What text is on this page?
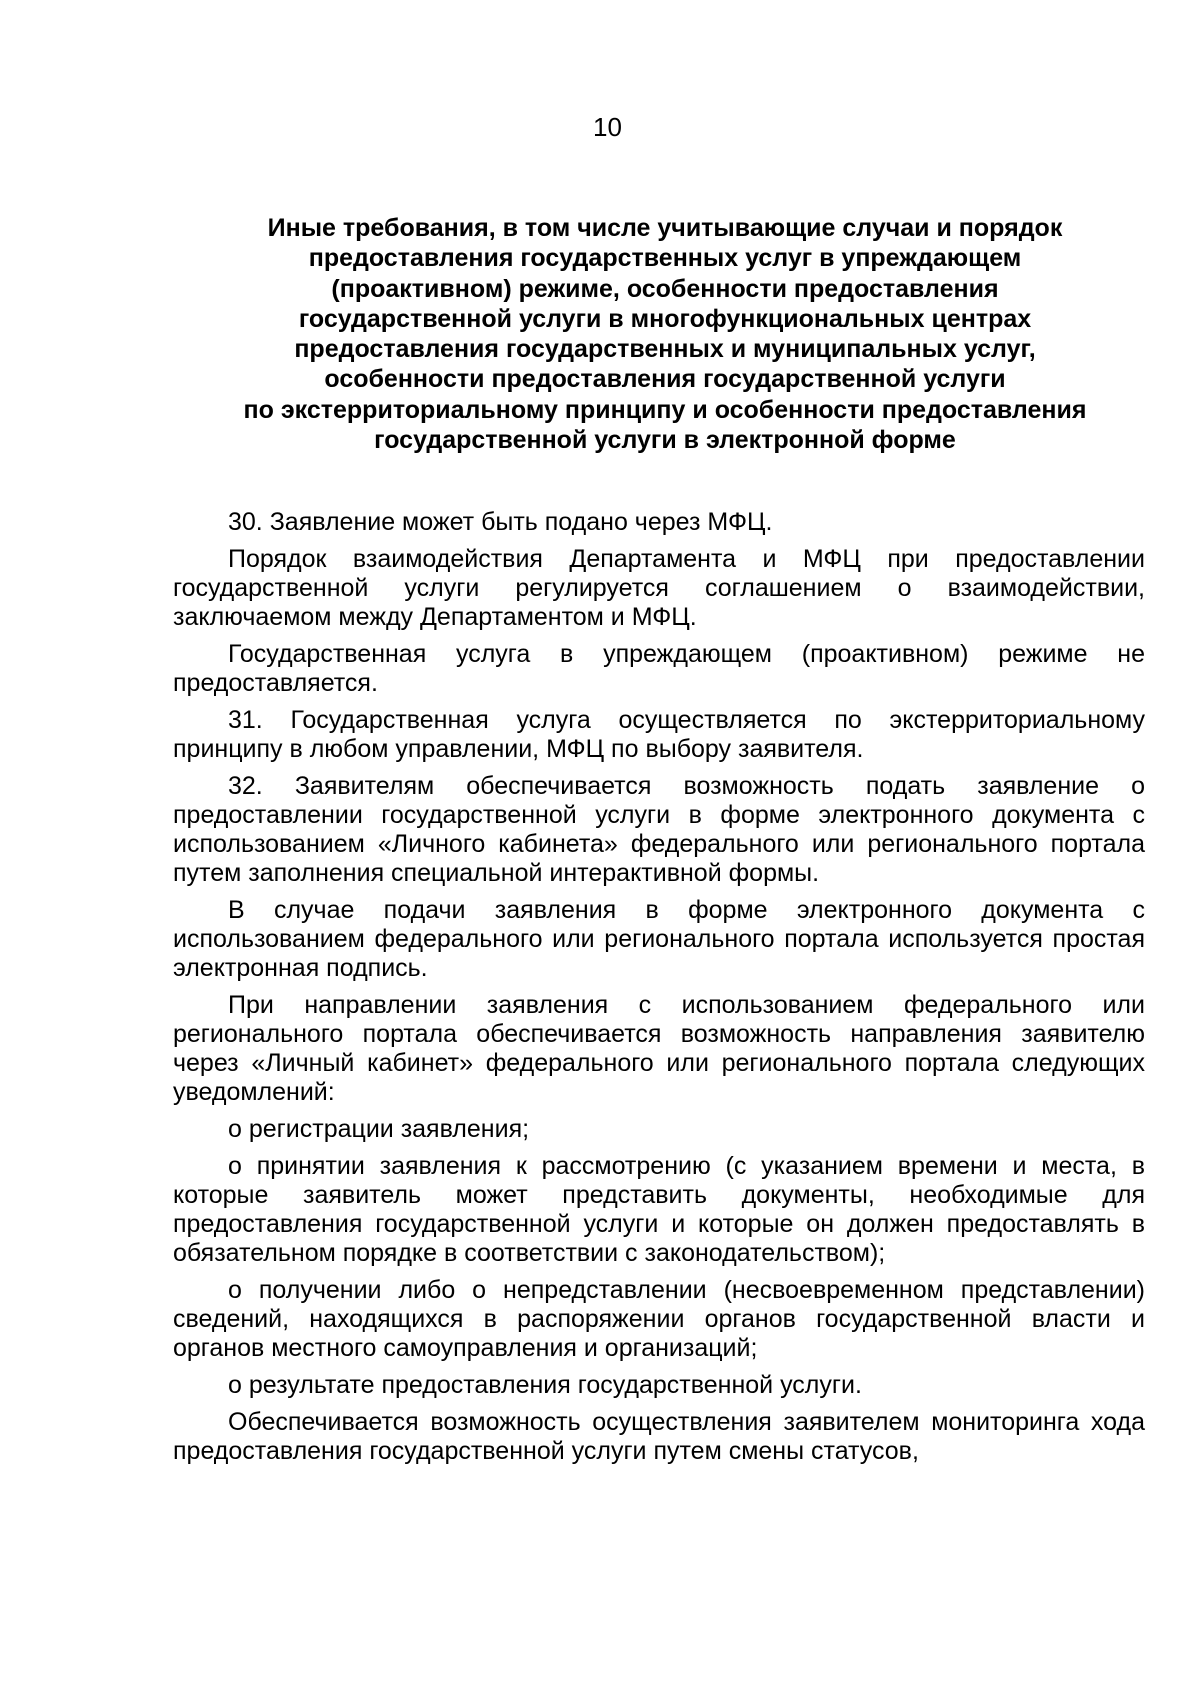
10
Иные требования, в том числе учитывающие случаи и порядок
предоставления государственных услуг в упреждающем
(проактивном) режиме, особенности предоставления
государственной услуги в многофункциональных центрах
предоставления государственных и муниципальных услуг,
особенности предоставления государственной услуги
по экстерриториальному принципу и особенности предоставления
государственной услуги в электронной форме

30. Заявление может быть подано через МФЦ.

Порядок взаимодействия Департамента и МФЦ при предоставлении государственной услуги регулируется соглашением о взаимодействии, заключаемом между Департаментом и МФЦ.

Государственная услуга в упреждающем (проактивном) режиме не предоставляется.

31. Государственная услуга осуществляется по экстерриториальному принципу в любом управлении, МФЦ по выбору заявителя.

32. Заявителям обеспечивается возможность подать заявление о предоставлении государственной услуги в форме электронного документа с использованием «Личного кабинета» федерального или регионального портала путем заполнения специальной интерактивной формы.

В случае подачи заявления в форме электронного документа с использованием федерального или регионального портала используется простая электронная подпись.

При направлении заявления с использованием федерального или регионального портала обеспечивается возможность направления заявителю через «Личный кабинет» федерального или регионального портала следующих уведомлений:

о регистрации заявления;

о принятии заявления к рассмотрению (с указанием времени и места, в которые заявитель может представить документы, необходимые для предоставления государственной услуги и которые он должен предоставлять в обязательном порядке в соответствии с законодательством);

о получении либо о непредставлении (несвоевременном представлении) сведений, находящихся в распоряжении органов государственной власти и органов местного самоуправления и организаций;

о результате предоставления государственной услуги.

Обеспечивается возможность осуществления заявителем мониторинга хода предоставления государственной услуги путем смены статусов,
